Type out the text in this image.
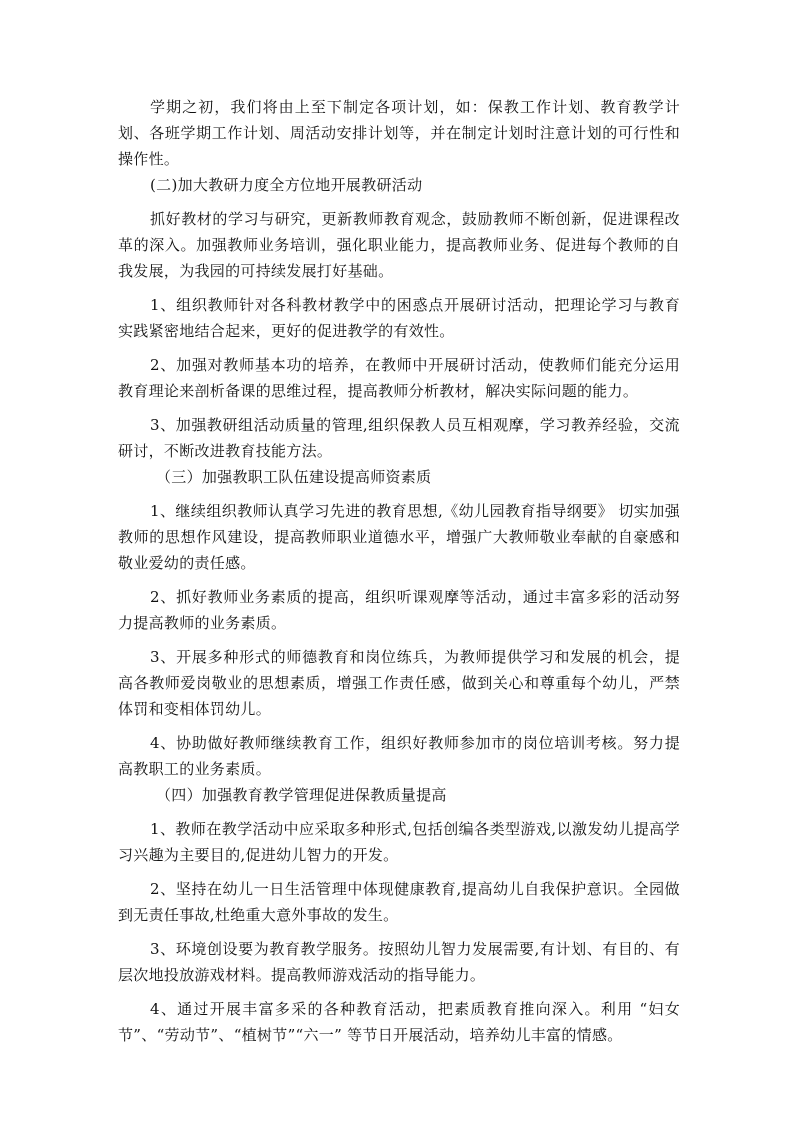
学期之初，我们将由上至下制定各项计划，如：保教工作计划、教育教学计划、各班学期工作计划、周活动安排计划等，并在制定计划时注意计划的可行性和操作性。

(二)加大教研力度全方位地开展教研活动

抓好教材的学习与研究，更新教师教育观念，鼓励教师不断创新，促进课程改革的深入。加强教师业务培训，强化职业能力，提高教师业务、促进每个教师的自我发展，为我园的可持续发展打好基础。

1、组织教师针对各科教材教学中的困惑点开展研讨活动，把理论学习与教育实践紧密地结合起来，更好的促进教学的有效性。

2、加强对教师基本功的培养，在教师中开展研讨活动，使教师们能充分运用教育理论来剖析备课的思维过程，提高教师分析教材，解决实际问题的能力。

3、加强教研组活动质量的管理,组织保教人员互相观摩，学习教养经验，交流研讨，不断改进教育技能方法。

（三）加强教职工队伍建设提高师资素质

1、继续组织教师认真学习先进的教育思想,《幼儿园教育指导纲要》 切实加强教师的思想作风建设，提高教师职业道德水平，增强广大教师敬业奉献的自豪感和敬业爱幼的责任感。

2、抓好教师业务素质的提高，组织听课观摩等活动，通过丰富多彩的活动努力提高教师的业务素质。

3、开展多种形式的师德教育和岗位练兵，为教师提供学习和发展的机会，提高各教师爱岗敬业的思想素质，增强工作责任感，做到关心和尊重每个幼儿，严禁体罚和变相体罚幼儿。

4、协助做好教师继续教育工作，组织好教师参加市的岗位培训考核。努力提高教职工的业务素质。

（四）加强教育教学管理促进保教质量提高

1、教师在教学活动中应采取多种形式,包括创编各类型游戏,以激发幼儿提高学习兴趣为主要目的,促进幼儿智力的开发。

2、坚持在幼儿一日生活管理中体现健康教育,提高幼儿自我保护意识。全园做到无责任事故,杜绝重大意外事故的发生。

3、环境创设要为教育教学服务。按照幼儿智力发展需要,有计划、有目的、有层次地投放游戏材料。提高教师游戏活动的指导能力。

4、通过开展丰富多采的各种教育活动，把素质教育推向深入。利用 “妇女节”、“劳动节”、“植树节”“六一” 等节日开展活动，培养幼儿丰富的情感。
